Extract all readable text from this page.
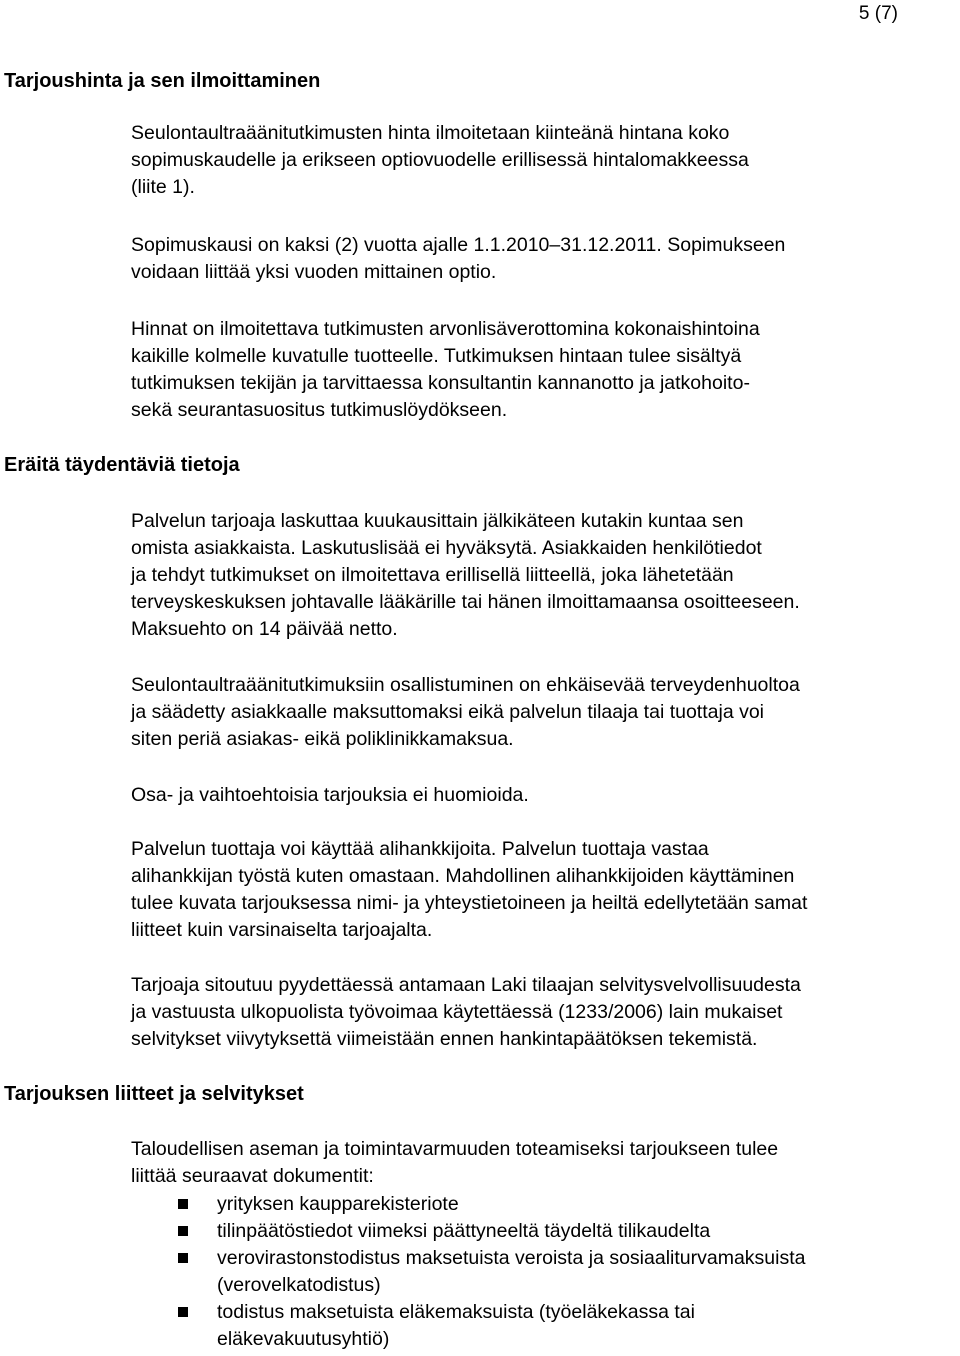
5 (7)
Tarjoushinta ja sen ilmoittaminen

Seulontaultraäänitutkimusten hinta ilmoitetaan kiinteänä hintana koko
sopimuskaudelle ja erikseen optiovuodelle erillisessä hintalomakkeessa
(liite 1).

Sopimuskausi on kaksi (2) vuotta ajalle 1.1.2010–31.12.2011. Sopimukseen
voidaan liittää yksi vuoden mittainen optio.

Hinnat on ilmoitettava tutkimusten arvonlisäverottomina kokonaishintoina
kaikille kolmelle kuvatulle tuotteelle. Tutkimuksen hintaan tulee sisältyä
tutkimuksen tekijän ja tarvittaessa konsultantin kannanotto ja jatkohoito-
sekä seurantasuositus tutkimuslöydökseen.

Eräitä täydentäviä tietoja

Palvelun tarjoaja laskuttaa kuukausittain jälkikäteen kutakin kuntaa sen
omista asiakkaista. Laskutuslisää ei hyväksytä. Asiakkaiden henkilötiedot
ja tehdyt tutkimukset on ilmoitettava erillisellä liitteellä, joka lähetetään
terveyskeskuksen johtavalle lääkärille tai hänen ilmoittamaansa osoitteeseen.
Maksuehto on 14 päivää netto.

Seulontaultraäänitutkimuksiin osallistuminen on ehkäisevää terveydenhuoltoa
ja säädetty asiakkaalle maksuttomaksi eikä palvelun tilaaja tai tuottaja voi
siten periä asiakas- eikä poliklinikkamaksua.

Osa- ja vaihtoehtoisia tarjouksia ei huomioida.

Palvelun tuottaja voi käyttää alihankkijoita. Palvelun tuottaja vastaa
alihankkijan työstä kuten omastaan. Mahdollinen alihankkijoiden käyttäminen
tulee kuvata tarjouksessa nimi- ja yhteystietoineen ja heiltä edellytetään samat
liitteet kuin varsinaiselta tarjoajalta.

Tarjoaja sitoutuu pyydettäessä antamaan Laki tilaajan selvitysvelvollisuudesta
ja vastuusta ulkopuolista työvoimaa käytettäessä (1233/2006) lain mukaiset
selvitykset viivytyksettä viimeistään ennen hankintapäätöksen tekemistä.

Tarjouksen liitteet ja selvitykset

Taloudellisen aseman ja toimintavarmuuden toteamiseksi tarjoukseen tulee
liittää seuraavat dokumentit:

yrityksen kaupparekisteriote
tilinpäätöstiedot viimeksi päättyneeltä täydeltä tilikaudelta
verovirastonstodistus maksetuista veroista ja sosiaaliturvamaksuista
(verovelkatodistus)
todistus maksetuista eläkemaksuista (työeläkekassa tai
eläkevakuutusyhtiö)
